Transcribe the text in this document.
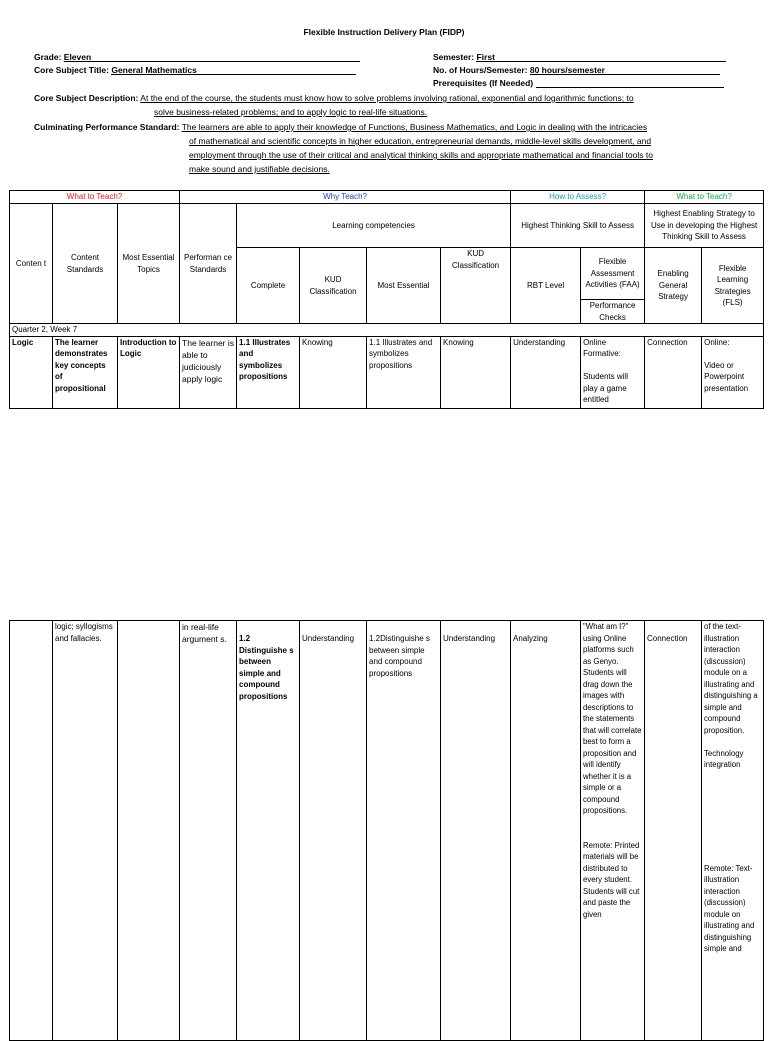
Flexible Instruction Delivery Plan (FIDP)
Grade: Eleven
Core Subject Title: General Mathematics
Semester: First
No. of Hours/Semester: 80 hours/semester
Prerequisites (If Needed)
Core Subject Description: At the end of the course, the students must know how to solve problems involving rational, exponential and logarithmic functions; to
solve business-related problems; and to apply logic to real-life situations.
Culminating Performance Standard: The learners are able to apply their knowledge of Functions, Business Mathematics, and Logic in dealing with the intricacies
of mathematical and scientific concepts in higher education, entrepreneurial demands, middle-level skills development, and
employment through the use of their critical and analytical thinking skills and appropriate mathematical and financial tools to
make sound and justifiable decisions.
What to Teach?			Why Teach?					How to Assess?		What to Teach?	
Conten t	Content Standards	Most Essential Topics	Performan ce Standards	Learning competencies				Highest Thinking Skill to Assess		Highest Enabling Strategy to Use in developing the Highest Thinking Skill to Assess	
				Complete	KUD Classification	Most Essential	KUD Classification	RBT Level	Flexible Assessment Activities (FAA)	Enabling General Strategy	Flexible Learning Strategies (FLS)
									Performance Checks		
Quarter 2, Week 7											
Logic	The learner demonstrates key concepts of propositional	Introduction to Logic	The learner is able to judiciously apply logic	1.1 Illustrates and symbolizes propositions	Knowing	1.1 Illustrates and symbolizes propositions	Knowing	Understanding	Online Formative:

Students will play a game entitled	Connection	Online:

Video or Powerpoint presentation
	logic; syllogisms and fallacies.		in real-life argument s.	1.2 Distinguishe s between simple and compound propositions	Understanding	1.2Distinguishe s between simple and compound propositions	Understanding	Analyzing	"What am I?" using Online platforms such as Genyo. Students will drag down the images with descriptions to the statements that will correlate best to form a proposition and will identify whether it is a simple or a compound propositions.

Remote: Printed materials will be distributed to every student. Students will cut and paste the given	Connection	of the text-illustration interaction (discussion) module on a illustrating and distinguishing a simple and compound proposition.

Technology integration

Remote: Text-illustration interaction (discussion) module on illustrating and distinguishing simple and
